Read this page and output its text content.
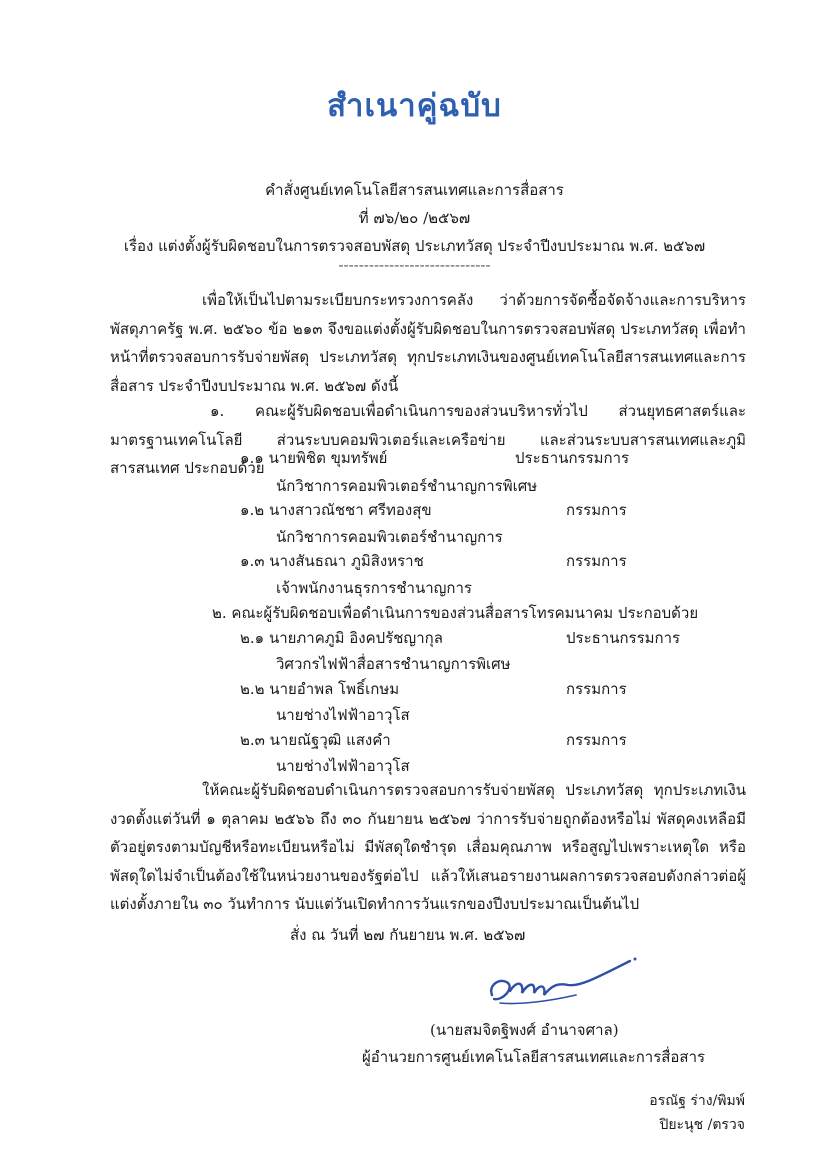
สำเนาคู่ฉบับ
คำสั่งศูนย์เทคโนโลยีสารสนเทศและการสื่อสาร
ที่ ๗๖/๒๐ /๒๕๖๗
เรื่อง แต่งตั้งผู้รับผิดชอบในการตรวจสอบพัสดุ ประเภทวัสดุ ประจำปีงบประมาณ พ.ศ. ๒๕๖๗
------------------------------
เพื่อให้เป็นไปตามระเบียบกระทรวงการคลัง ว่าด้วยการจัดซื้อจัดจ้างและการบริหารพัสดุภาครัฐ พ.ศ. ๒๕๖๐ ข้อ ๒๑๓ จึงขอแต่งตั้งผู้รับผิดชอบในการตรวจสอบพัสดุ ประเภทวัสดุ เพื่อทำหน้าที่ตรวจสอบการรับจ่ายพัสดุ ประเภทวัสดุ ทุกประเภทเงินของศูนย์เทคโนโลยีสารสนเทศและการสื่อสาร ประจำปีงบประมาณ พ.ศ. ๒๕๖๗ ดังนี้
๑. คณะผู้รับผิดชอบเพื่อดำเนินการของส่วนบริหารทั่วไป ส่วนยุทธศาสตร์และมาตรฐานเทคโนโลยี ส่วนระบบคอมพิวเตอร์และเครือข่าย และส่วนระบบสารสนเทศและภูมิสารสนเทศ ประกอบด้วย
๑.๑ นายพิชิต ขุมทรัพย์	ประธานกรรมการ
นักวิชาการคอมพิวเตอร์ชำนาญการพิเศษ
๑.๒ นางสาวณัชชา ศรีทองสุข	กรรมการ
นักวิชาการคอมพิวเตอร์ชำนาญการ
๑.๓ นางสันธณา ภูมิสิงหราช	กรรมการ
เจ้าพนักงานธุรการชำนาญการ
๒. คณะผู้รับผิดชอบเพื่อดำเนินการของส่วนสื่อสารโทรคมนาคม ประกอบด้วย
๒.๑ นายภาคภูมิ อิงคปรัชญากุล	ประธานกรรมการ
วิศวกรไฟฟ้าสื่อสารชำนาญการพิเศษ
๒.๒ นายอำพล โพธิ์เกษม	กรรมการ
นายช่างไฟฟ้าอาวุโส
๒.๓ นายณัฐวุฒิ แสงคำ	กรรมการ
นายช่างไฟฟ้าอาวุโส
ให้คณะผู้รับผิดชอบดำเนินการตรวจสอบการรับจ่ายพัสดุ ประเภทวัสดุ ทุกประเภทเงิน งวดตั้งแต่วันที่ ๑ ตุลาคม ๒๕๖๖ ถึง ๓๐ กันยายน ๒๕๖๗ ว่าการรับจ่ายถูกต้องหรือไม่ พัสดุคงเหลือมีตัวอยู่ตรงตามบัญชีหรือทะเบียนหรือไม่ มีพัสดุใดชำรุด เสื่อมคุณภาพ หรือสูญไปเพราะเหตุใด หรือพัสดุใดไม่จำเป็นต้องใช้ในหน่วยงานของรัฐต่อไป แล้วให้เสนอรายงานผลการตรวจสอบดังกล่าวต่อผู้แต่งตั้งภายใน ๓๐ วันทำการ นับแต่วันเปิดทำการวันแรกของปีงบประมาณเป็นต้นไป
สั่ง ณ วันที่ ๒๗ กันยายน พ.ศ. ๒๕๖๗
(นายสมจิตฐิพงศ์ อำนาจศาล)
ผู้อำนวยการศูนย์เทคโนโลยีสารสนเทศและการสื่อสาร
อรณัฐ ร่าง/พิมพ์
ปิยะนุช /ตรวจ
